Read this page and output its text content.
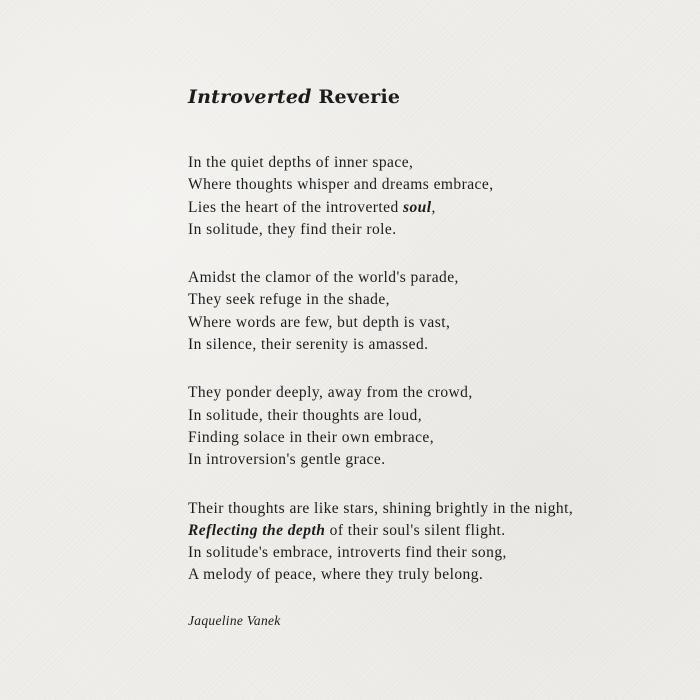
Introverted Reverie
In the quiet depths of inner space,
Where thoughts whisper and dreams embrace,
Lies the heart of the introverted soul,
In solitude, they find their role.
Amidst the clamor of the world's parade,
They seek refuge in the shade,
Where words are few, but depth is vast,
In silence, their serenity is amassed.
They ponder deeply, away from the crowd,
In solitude, their thoughts are loud,
Finding solace in their own embrace,
In introversion's gentle grace.
Their thoughts are like stars, shining brightly in the night,
Reflecting the depth of their soul's silent flight.
In solitude's embrace, introverts find their song,
A melody of peace, where they truly belong.
Jaqueline Vanek
